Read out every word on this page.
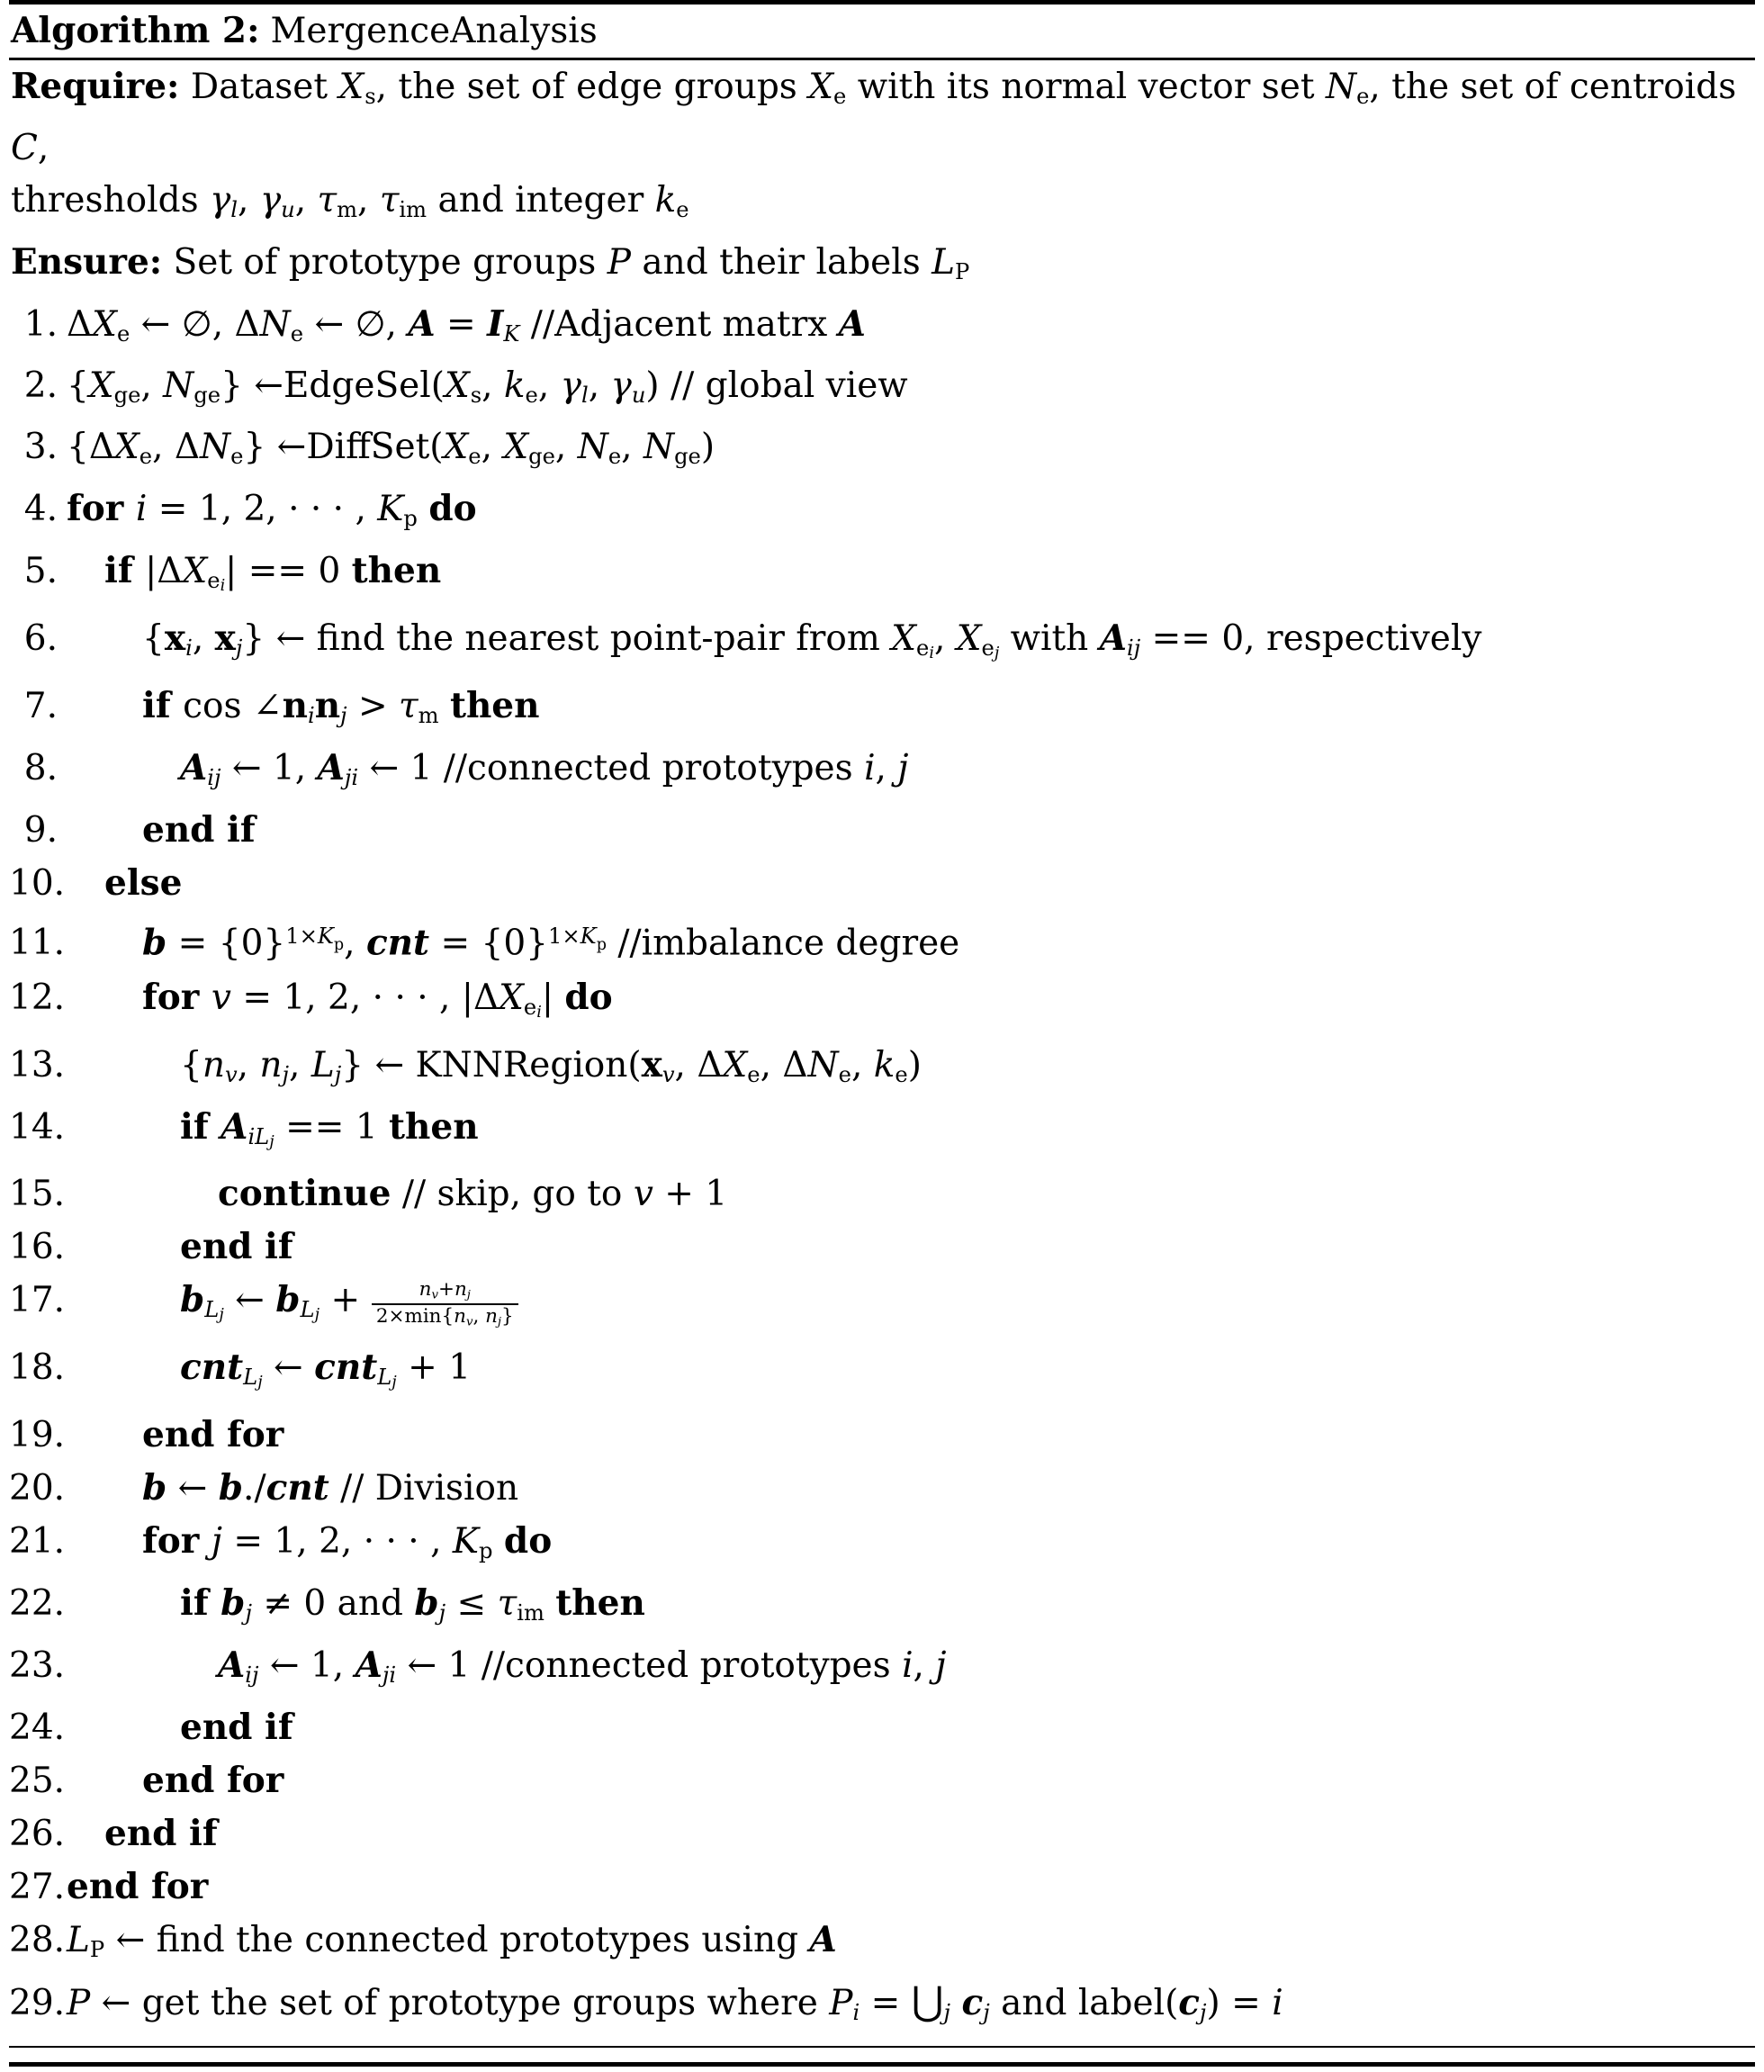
Algorithm 2: MergenceAnalysis
Require: Dataset $X_s$, the set of edge groups $X_e$ with its normal vector set $N_e$, the set of centroids C,
thresholds $\gamma_l$, $\gamma_u$, $\tau_m$, $\tau_{im}$ and integer $k_e$
Ensure: Set of prototype groups P and their labels $L_P$
1. $\Delta X_e$ ← ∅, $\Delta N_e$ ← ∅, $A = I_K$ //Adjacent matrx A
2. {$X_{ge}$, $N_{ge}$} $\leftarrow EdgeSel(X_s$, $k_e$, $\gamma_l$, $\gamma_u$) // global view
3. {$\Delta X_e$, $\Delta N_e$} $\leftarrow DiffSet(X_e$, $X_{ge}$, $N_e$, $N_{ge}$)
4. for i = 1, 2, · · · , $K_p$ do
5.	if $|\Delta X_{ei}| == 0$ then
6.	{$x_i$, $x_j$} ← find the nearest point-pair from $X_{ei}$, $X_{ej}$ with $A_{ij} == 0$, respectively
7.	if $\cos \angle n_in_j > \tau_m$ then
8.	$A_{ij}$ ← 1, $A_{ji}$ ← 1 //connected prototypes i, j
9.	end if
10.	else
11.	$b = \{0\}^{1\times K}p$, cnt = $\{0\}^{1\times K}p$ //imbalance degree
12.	for v = 1, 2, · · · , $|\Delta X_{ei}|$ do
13.	{$n_v$, $n_j$, $L_j$} ← $KNNRegion(x_v$, $\Delta X_e$, $\Delta N_e$, $k_e$)
14.	if $A_{iLj} == 1$ then
15.	continue // skip, go to v + 1
16.	end if
17.	$b_{Lj}$ ← $b_{Lj} + \frac{n_v+n_j}{2\times\min\{n_v, n_j\}}$
18.	cnt$_{Lj}$ ← cnt$_{Lj}$ + 1
19.	end for
20.	b ← b./cnt // Division
21.	for j = 1, 2, · · · , $K_p$ do
22.	if $b_j \ne 0$ and $b_j \le \tau_{im}$ then
23.	$A_{ij}$ ← 1, $A_{ji}$ ← 1 //connected prototypes i, j
24.	end if
25.	end for
26.	end if
27. end for
28. $L_P$ ← find the connected prototypes using A
29. P ← get the set of prototype groups where $P_i$ = $⋃_j$ $c_j$ and $label(c_j) = i$
